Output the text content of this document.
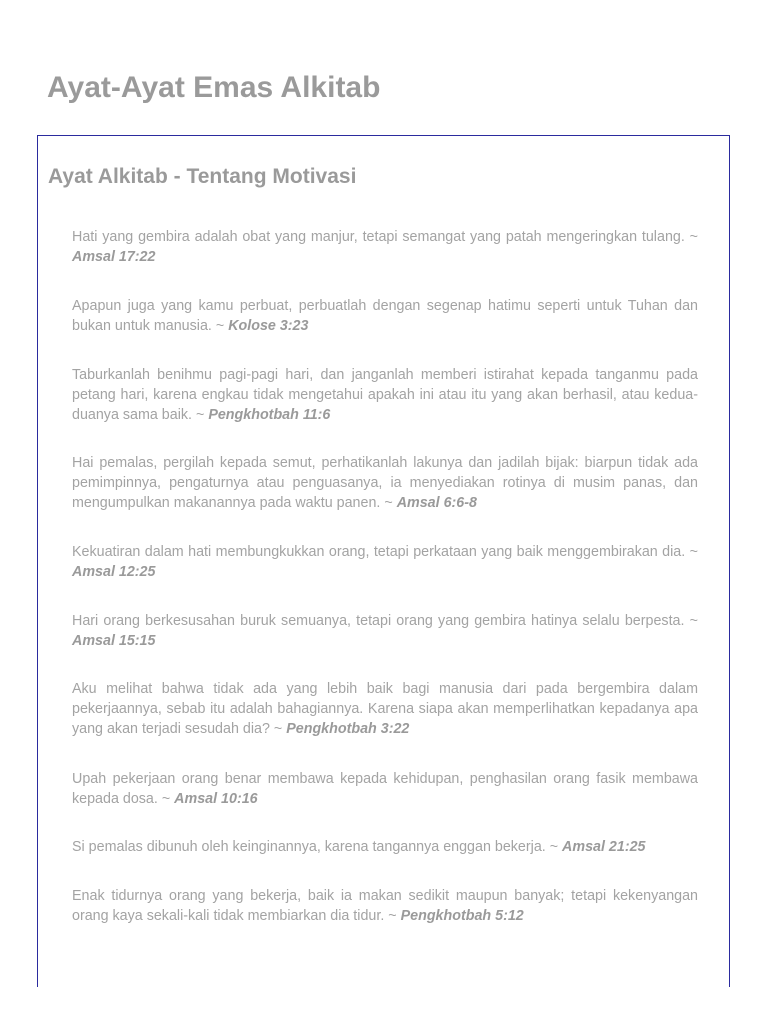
Ayat-Ayat Emas Alkitab
Ayat Alkitab - Tentang Motivasi

Hati yang gembira adalah obat yang manjur, tetapi semangat yang patah mengeringkan tulang. ~ Amsal 17:22

Apapun juga yang kamu perbuat, perbuatlah dengan segenap hatimu seperti untuk Tuhan dan bukan untuk manusia. ~ Kolose 3:23

Taburkanlah benihmu pagi-pagi hari, dan janganlah memberi istirahat kepada tanganmu pada petang hari, karena engkau tidak mengetahui apakah ini atau itu yang akan berhasil, atau kedua-duanya sama baik. ~ Pengkhotbah 11:6

Hai pemalas, pergilah kepada semut, perhatikanlah lakunya dan jadilah bijak: biarpun tidak ada pemimpinnya, pengaturnya atau penguasanya, ia menyediakan rotinya di musim panas, dan mengumpulkan makanannya pada waktu panen. ~ Amsal 6:6-8

Kekuatiran dalam hati membungkukkan orang, tetapi perkataan yang baik menggembirakan dia. ~ Amsal 12:25

Hari orang berkesusahan buruk semuanya, tetapi orang yang gembira hatinya selalu berpesta. ~ Amsal 15:15

Aku melihat bahwa tidak ada yang lebih baik bagi manusia dari pada bergembira dalam pekerjaannya, sebab itu adalah bahagiannya. Karena siapa akan memperlihatkan kepadanya apa yang akan terjadi sesudah dia? ~ Pengkhotbah 3:22

Upah pekerjaan orang benar membawa kepada kehidupan, penghasilan orang fasik membawa kepada dosa. ~ Amsal 10:16

Si pemalas dibunuh oleh keinginannya, karena tangannya enggan bekerja. ~ Amsal 21:25

Enak tidurnya orang yang bekerja, baik ia makan sedikit maupun banyak; tetapi kekenyangan orang kaya sekali-kali tidak membiarkan dia tidur. ~ Pengkhotbah 5:12
